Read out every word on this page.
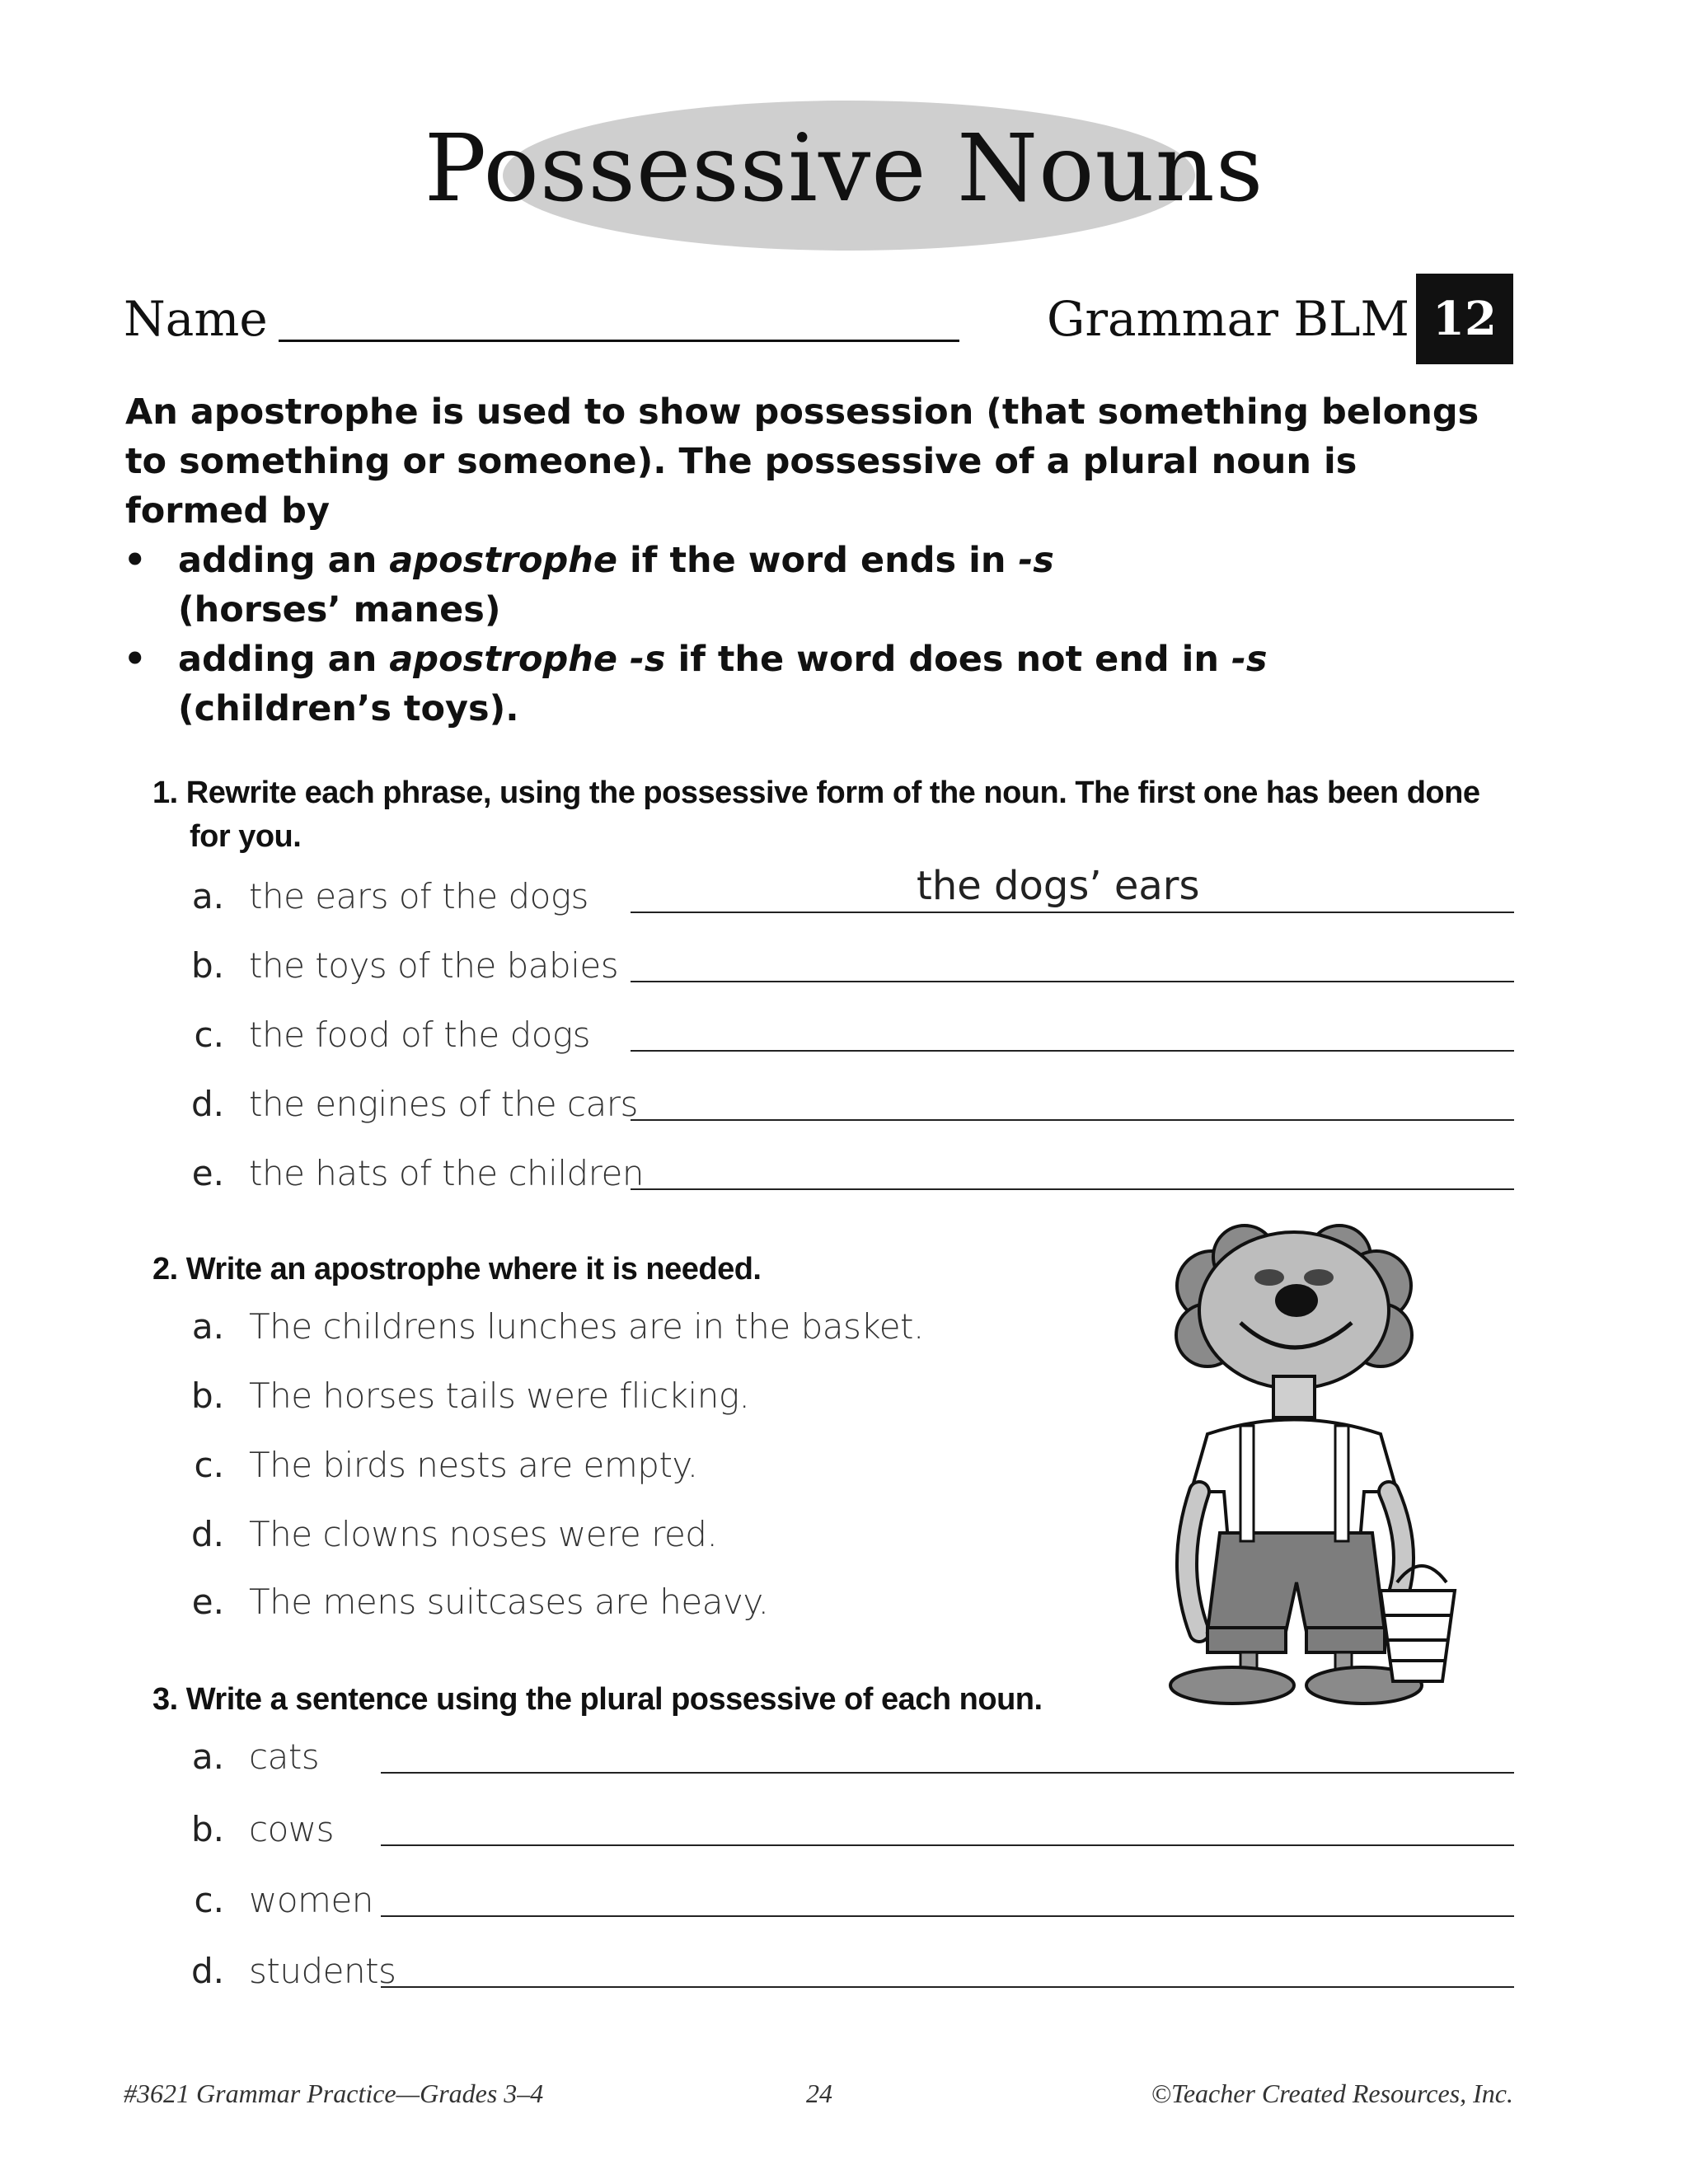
Possessive Nouns
Name	Grammar BLM 12
An apostrophe is used to show possession (that something belongs
to something or someone). The possessive of a plural noun is
formed by
• adding an apostrophe if the word ends in -s
(horses’ manes)
• adding an apostrophe -s if the word does not end in -s
(children’s toys).
1. Rewrite each phrase, using the possessive form of the noun. The first one has been done
for you.
a. the ears of the dogs	the dogs’ ears
b. the toys of the babies
c. the food of the dogs
d. the engines of the cars
e. the hats of the children
2. Write an apostrophe where it is needed.
a. The childrens lunches are in the basket.
b. The horses tails were flicking.
c. The birds nests are empty.
d. The clowns noses were red.
e. The mens suitcases are heavy.
3. Write a sentence using the plural possessive of each noun.
a. cats
b. cows
c. women
d. students
#3621 Grammar Practice—Grades 3–4	24	©Teacher Created Resources, Inc.
